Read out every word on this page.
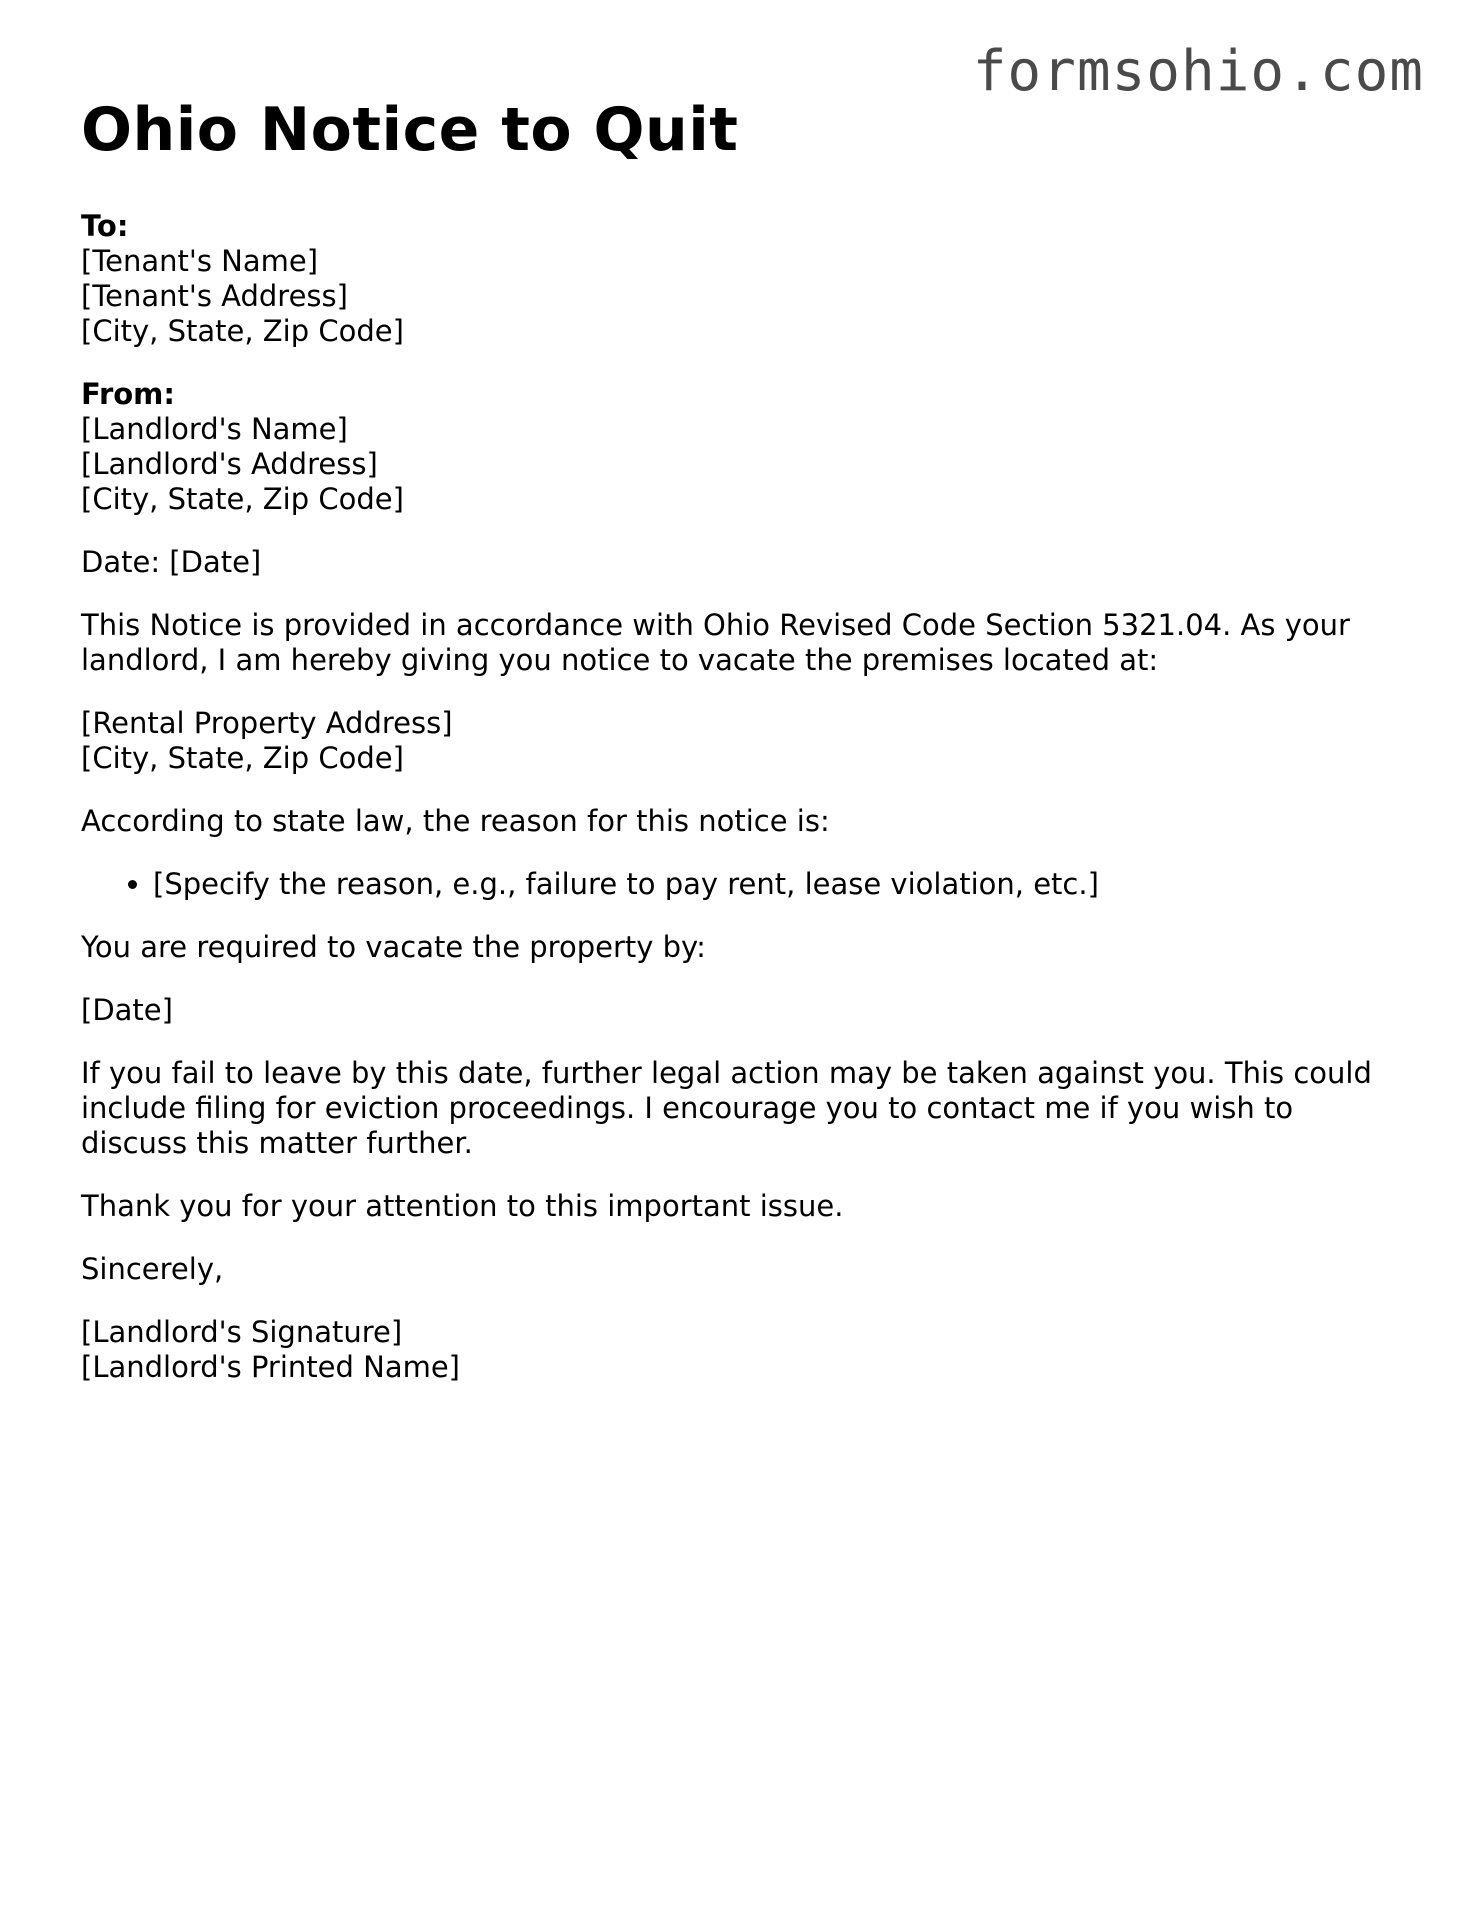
formsohio.com
Ohio Notice to Quit

To:
[Tenant's Name]
[Tenant's Address]
[City, State, Zip Code]

From:
[Landlord's Name]
[Landlord's Address]
[City, State, Zip Code]

Date: [Date]

This Notice is provided in accordance with Ohio Revised Code Section 5321.04. As your landlord, I am hereby giving you notice to vacate the premises located at:

[Rental Property Address]
[City, State, Zip Code]

According to state law, the reason for this notice is:

• [Specify the reason, e.g., failure to pay rent, lease violation, etc.]

You are required to vacate the property by:

[Date]

If you fail to leave by this date, further legal action may be taken against you. This could include filing for eviction proceedings. I encourage you to contact me if you wish to discuss this matter further.

Thank you for your attention to this important issue.

Sincerely,

[Landlord's Signature]
[Landlord's Printed Name]
